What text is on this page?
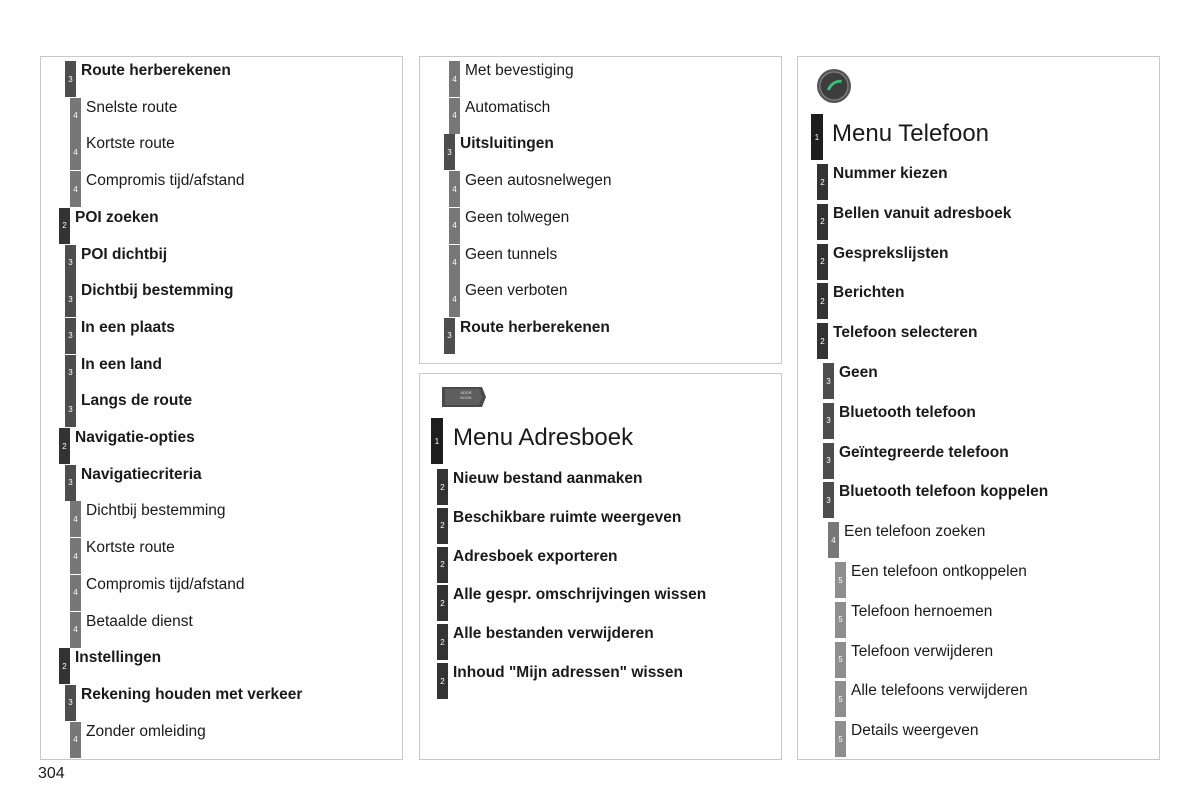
3 Route herberekenen
4 Snelste route
4 Kortste route
4 Compromis tijd/afstand
2 POI zoeken
3 POI dichtbij
3 Dichtbij bestemming
3 In een plaats
3 In een land
3 Langs de route
2 Navigatie-opties
3 Navigatiecriteria
4 Dichtbij bestemming
4 Kortste route
4 Compromis tijd/afstand
4 Betaalde dienst
2 Instellingen
3 Rekening houden met verkeer
4 Zonder omleiding
4 Met bevestiging
4 Automatisch
3 Uitsluitingen
4 Geen autosnelwegen
4 Geen tolwegen
4 Geen tunnels
4 Geen verboten
3 Route herberekenen
ADDR BOOK
1 Menu Adresboek
2 Nieuw bestand aanmaken
2 Beschikbare ruimte weergeven
2 Adresboek exporteren
2 Alle gespr. omschrijvingen wissen
2 Alle bestanden verwijderen
2 Inhoud "Mijn adressen" wissen
1 Menu Telefoon
2 Nummer kiezen
2 Bellen vanuit adresboek
2 Gesprekslijsten
2 Berichten
2 Telefoon selecteren
3 Geen
3 Bluetooth telefoon
3 Geïntegreerde telefoon
3 Bluetooth telefoon koppelen
4 Een telefoon zoeken
5 Een telefoon ontkoppelen
5 Telefoon hernoemen
5 Telefoon verwijderen
5 Alle telefoons verwijderen
5 Details weergeven
304
